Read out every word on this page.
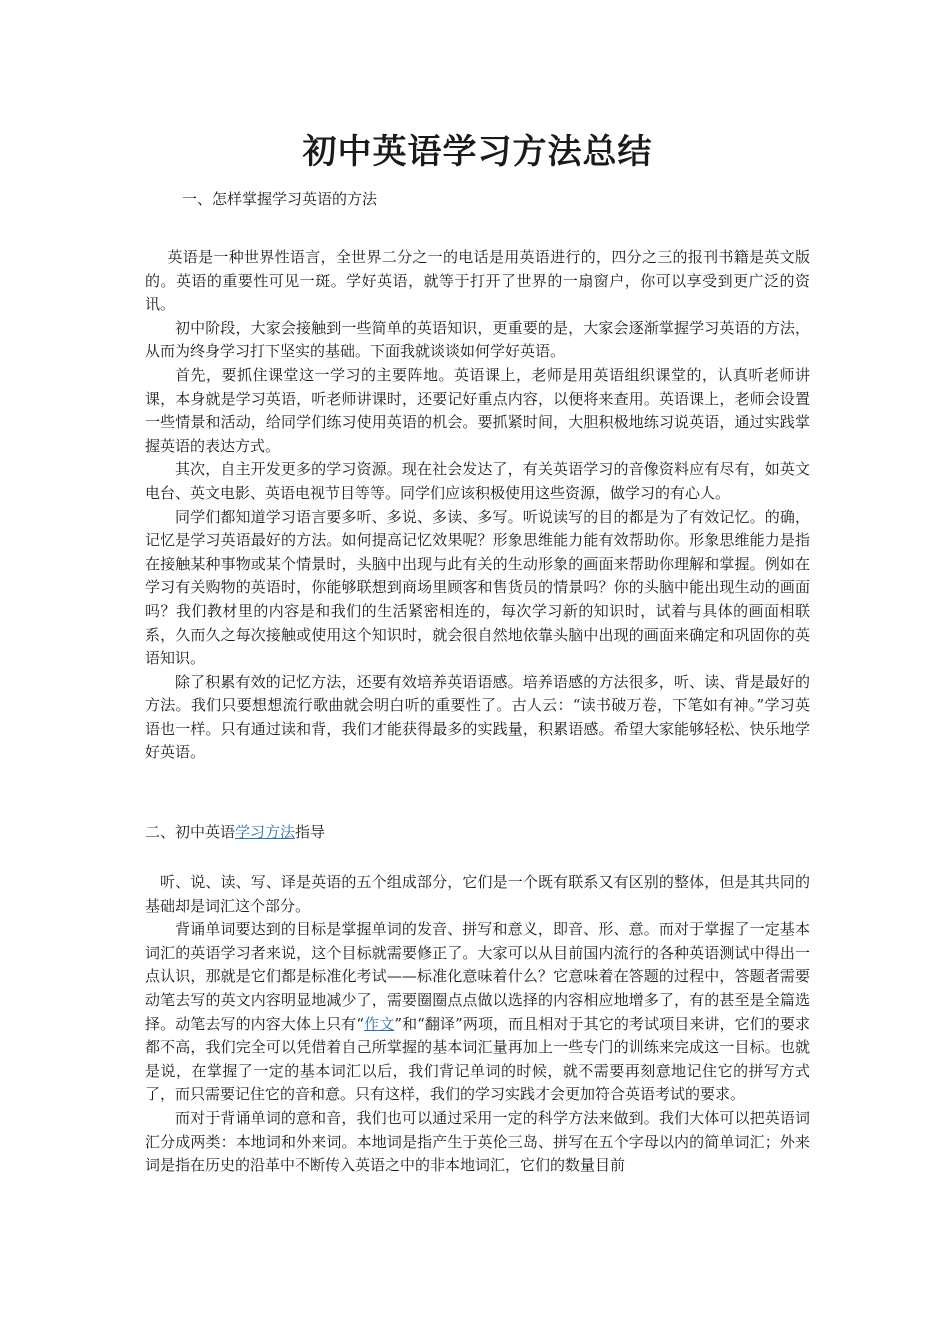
初中英语学习方法总结

一、怎样掌握学习英语的方法

英语是一种世界性语言，全世界二分之一的电话是用英语进行的，四分之三的报刊书籍是英文版的。英语的重要性可见一斑。学好英语，就等于打开了世界的一扇窗户，你可以享受到更广泛的资讯。

初中阶段，大家会接触到一些简单的英语知识，更重要的是，大家会逐渐掌握学习英语的方法，从而为终身学习打下坚实的基础。下面我就谈谈如何学好英语。

首先，要抓住课堂这一学习的主要阵地。英语课上，老师是用英语组织课堂的，认真听老师讲课，本身就是学习英语，听老师讲课时，还要记好重点内容，以便将来查用。英语课上，老师会设置一些情景和活动，给同学们练习使用英语的机会。要抓紧时间，大胆积极地练习说英语，通过实践掌握英语的表达方式。

其次，自主开发更多的学习资源。现在社会发达了，有关英语学习的音像资料应有尽有，如英文电台、英文电影、英语电视节目等等。同学们应该积极使用这些资源，做学习的有心人。

同学们都知道学习语言要多听、多说、多读、多写。听说读写的目的都是为了有效记忆。的确，记忆是学习英语最好的方法。如何提高记忆效果呢？形象思维能力能有效帮助你。形象思维能力是指在接触某种事物或某个情景时，头脑中出现与此有关的生动形象的画面来帮助你理解和掌握。例如在学习有关购物的英语时，你能够联想到商场里顾客和售货员的情景吗？你的头脑中能出现生动的画面吗？我们教材里的内容是和我们的生活紧密相连的，每次学习新的知识时，试着与具体的画面相联系，久而久之每次接触或使用这个知识时，就会很自然地依靠头脑中出现的画面来确定和巩固你的英语知识。

除了积累有效的记忆方法，还要有效培养英语语感。培养语感的方法很多，听、读、背是最好的方法。我们只要想想流行歌曲就会明白听的重要性了。古人云：“读书破万卷，下笔如有神。”学习英语也一样。只有通过读和背，我们才能获得最多的实践量，积累语感。希望大家能够轻松、快乐地学好英语。

二、初中英语学习方法指导

听、说、读、写、译是英语的五个组成部分，它们是一个既有联系又有区别的整体，但是其共同的基础却是词汇这个部分。

背诵单词要达到的目标是掌握单词的发音、拼写和意义，即音、形、意。而对于掌握了一定基本词汇的英语学习者来说，这个目标就需要修正了。大家可以从目前国内流行的各种英语测试中得出一点认识，那就是它们都是标准化考试——标准化意味着什么？它意味着在答题的过程中，答题者需要动笔去写的英文内容明显地减少了，需要圈圈点点做以选择的内容相应地增多了，有的甚至是全篇选择。动笔去写的内容大体上只有“作文”和“翻译”两项，而且相对于其它的考试项目来讲，它们的要求都不高，我们完全可以凭借着自己所掌握的基本词汇量再加上一些专门的训练来完成这一目标。也就是说，在掌握了一定的基本词汇以后，我们背记单词的时候，就不需要再刻意地记住它的拼写方式了，而只需要记住它的音和意。只有这样，我们的学习实践才会更加符合英语考试的要求。

而对于背诵单词的意和音，我们也可以通过采用一定的科学方法来做到。我们大体可以把英语词汇分成两类：本地词和外来词。本地词是指产生于英伦三岛、拼写在五个字母以内的简单词汇；外来词是指在历史的沿革中不断传入英语之中的非本地词汇，它们的数量目前
